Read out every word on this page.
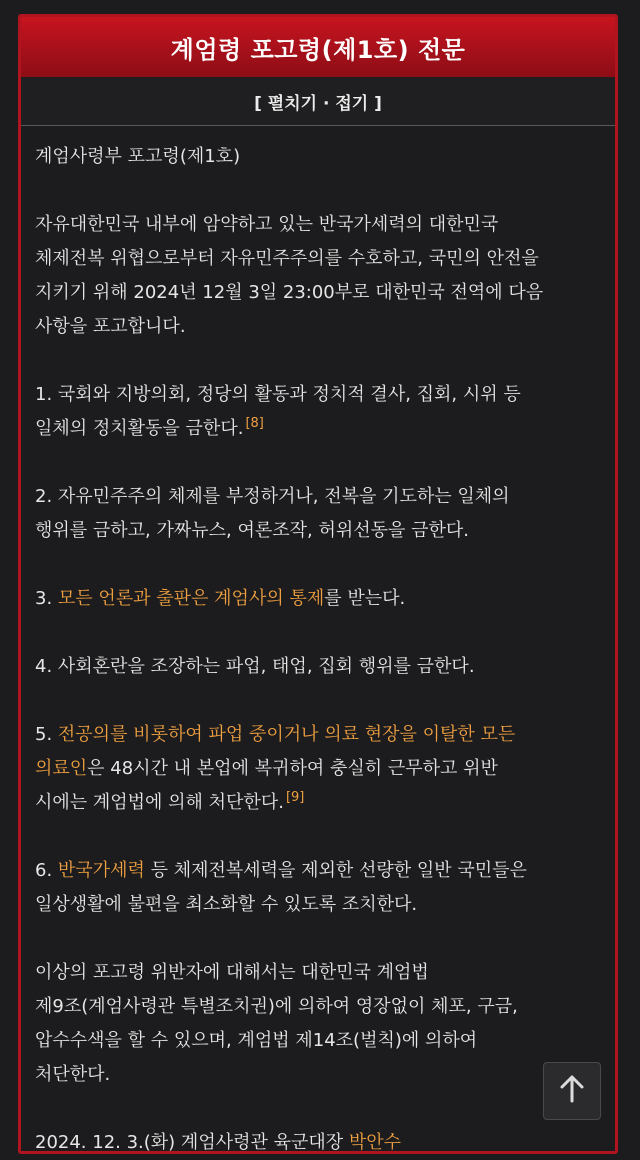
계엄령 포고령(제1호) 전문
[ 펼치기 · 접기 ]
계엄사령부 포고령(제1호)
자유대한민국 내부에 암약하고 있는 반국가세력의 대한민국
체제전복 위협으로부터 자유민주주의를 수호하고, 국민의 안전을
지키기 위해 2024년 12월 3일 23:00부로 대한민국 전역에 다음
사항을 포고합니다.
1. 국회와 지방의회, 정당의 활동과 정치적 결사, 집회, 시위 등
일체의 정치활동을 금한다. [8]
2. 자유민주주의 체제를 부정하거나, 전복을 기도하는 일체의
행위를 금하고, 가짜뉴스, 여론조작, 허위선동을 금한다.
3. 모든 언론과 출판은 계엄사의 통제를 받는다.
4. 사회혼란을 조장하는 파업, 태업, 집회 행위를 금한다.
5. 전공의를 비롯하여 파업 중이거나 의료 현장을 이탈한 모든
의료인은 48시간 내 본업에 복귀하여 충실히 근무하고 위반
시에는 계엄법에 의해 처단한다. [9]
6. 반국가세력 등 체제전복세력을 제외한 선량한 일반 국민들은
일상생활에 불편을 최소화할 수 있도록 조치한다.
이상의 포고령 위반자에 대해서는 대한민국 계엄법
제9조(계엄사령관 특별조치권)에 의하여 영장없이 체포, 구금,
압수수색을 할 수 있으며, 계엄법 제14조(벌칙)에 의하여
처단한다.
2024. 12. 3.(화) 계엄사령관 육군대장 박안수
